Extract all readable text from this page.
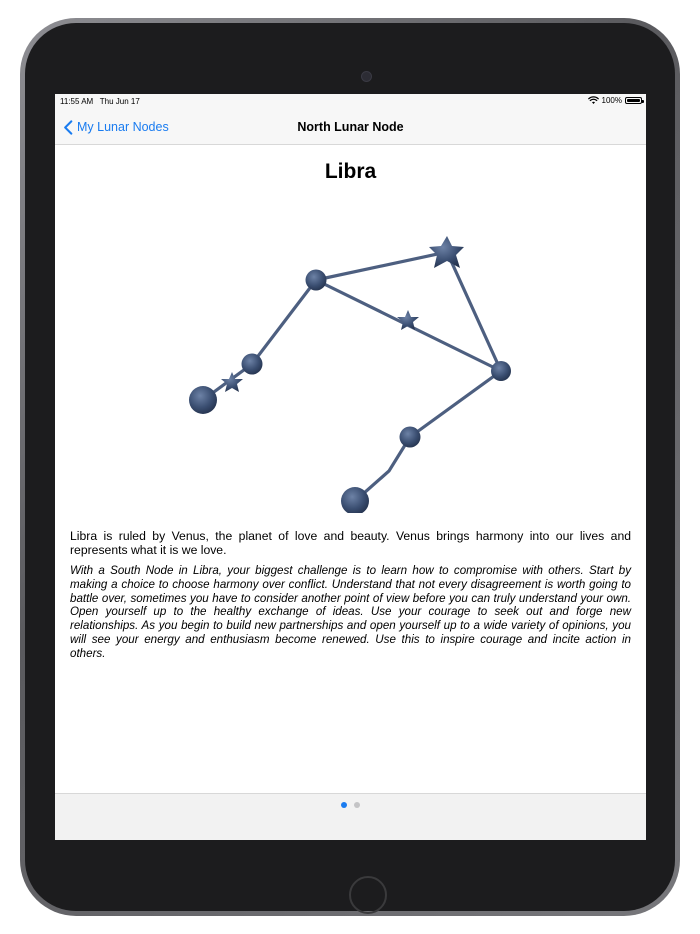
11:55 AM Thu Jun 17	100%
My Lunar Nodes	North Lunar Node
Libra
Libra is ruled by Venus, the planet of love and beauty. Venus brings harmony into our lives and represents what it is we love.
With a South Node in Libra, your biggest challenge is to learn how to compromise with others. Start by making a choice to choose harmony over conflict. Understand that not every disagreement is worth going to battle over, sometimes you have to consider another point of view before you can truly understand your own. Open yourself up to the healthy exchange of ideas. Use your courage to seek out and forge new relationships. As you begin to build new partnerships and open yourself up to a wide variety of opinions, you will see your energy and enthusiasm become renewed. Use this to inspire courage and incite action in others.
